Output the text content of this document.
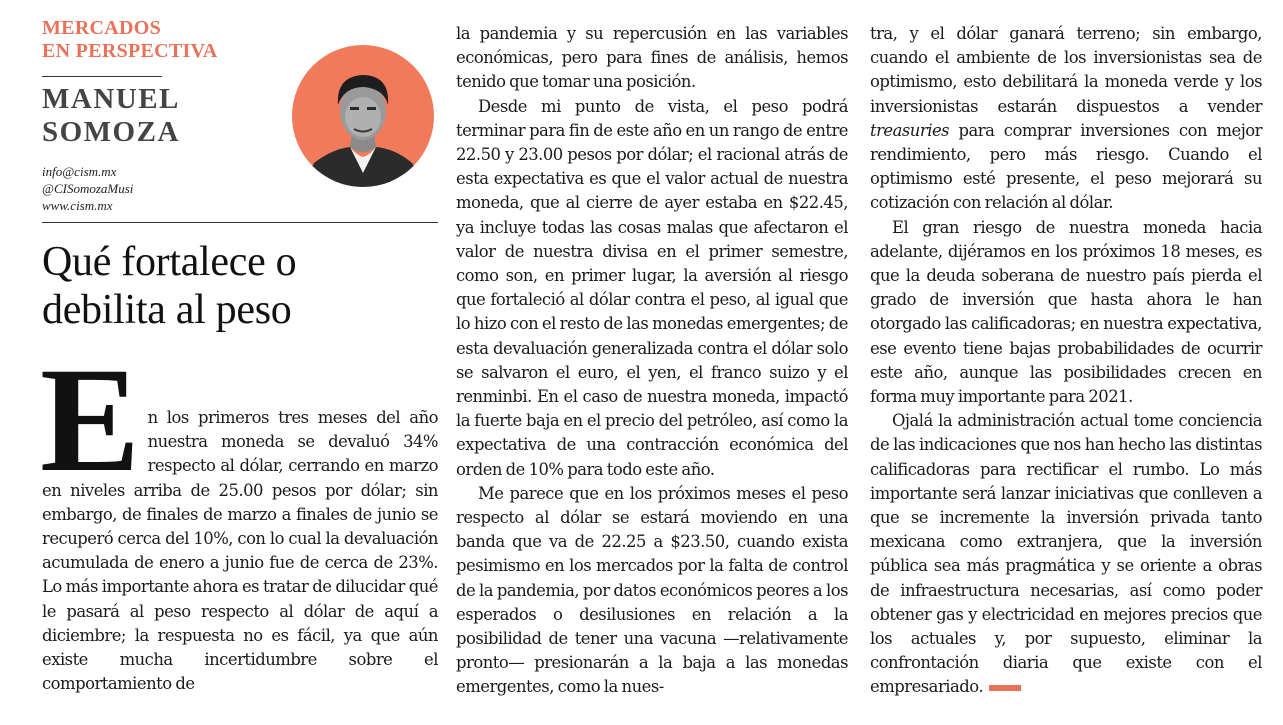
MERCADOS
EN PERSPECTIVA
MANUEL
SOMOZA
info@cism.mx
@CISomozaMusi
www.cism.mx
Qué fortalece o
debilita al peso

En los primeros tres meses del año nuestra moneda se devaluó 34% respecto al dólar, cerrando en marzo en niveles arriba de 25.00 pesos por dólar; sin embargo, de finales de marzo a finales de junio se recuperó cerca del 10%, con lo cual la devaluación acumulada de enero a junio fue de cerca de 23%. Lo más importante ahora es tratar de dilucidar qué le pasará al peso respecto al dólar de aquí a diciembre; la respuesta no es fácil, ya que aún existe mucha incertidumbre sobre el comportamiento de

la pandemia y su repercusión en las variables económicas, pero para fines de análisis, hemos tenido que tomar una posición.

Desde mi punto de vista, el peso podrá terminar para fin de este año en un rango de entre 22.50 y 23.00 pesos por dólar; el racional atrás de esta expectativa es que el valor actual de nuestra moneda, que al cierre de ayer estaba en $22.45, ya incluye todas las cosas malas que afectaron el valor de nuestra divisa en el primer semestre, como son, en primer lugar, la aversión al riesgo que fortaleció al dólar contra el peso, al igual que lo hizo con el resto de las monedas emergentes; de esta devaluación generalizada contra el dólar solo se salvaron el euro, el yen, el franco suizo y el renminbi. En el caso de nuestra moneda, impactó la fuerte baja en el precio del petróleo, así como la expectativa de una contracción económica del orden de 10% para todo este año.

Me parece que en los próximos meses el peso respecto al dólar se estará moviendo en una banda que va de 22.25 a $23.50, cuando exista pesimismo en los mercados por la falta de control de la pandemia, por datos económicos peores a los esperados o desilusiones en relación a la posibilidad de tener una vacuna —relativamente pronto— presionarán a la baja a las monedas emergentes, como la nues-

tra, y el dólar ganará terreno; sin embargo, cuando el ambiente de los inversionistas sea de optimismo, esto debilitará la moneda verde y los inversionistas estarán dispuestos a vender treasuries para comprar inversiones con mejor rendimiento, pero más riesgo. Cuando el optimismo esté presente, el peso mejorará su cotización con relación al dólar.

El gran riesgo de nuestra moneda hacia adelante, dijéramos en los próximos 18 meses, es que la deuda soberana de nuestro país pierda el grado de inversión que hasta ahora le han otorgado las calificadoras; en nuestra expectativa, ese evento tiene bajas probabilidades de ocurrir este año, aunque las posibilidades crecen en forma muy importante para 2021.

Ojalá la administración actual tome conciencia de las indicaciones que nos han hecho las distintas calificadoras para rectificar el rumbo. Lo más importante será lanzar iniciativas que conlleven a que se incremente la inversión privada tanto mexicana como extranjera, que la inversión pública sea más pragmática y se oriente a obras de infraestructura necesarias, así como poder obtener gas y electricidad en mejores precios que los actuales y, por supuesto, eliminar la confrontación diaria que existe con el empresariado.
